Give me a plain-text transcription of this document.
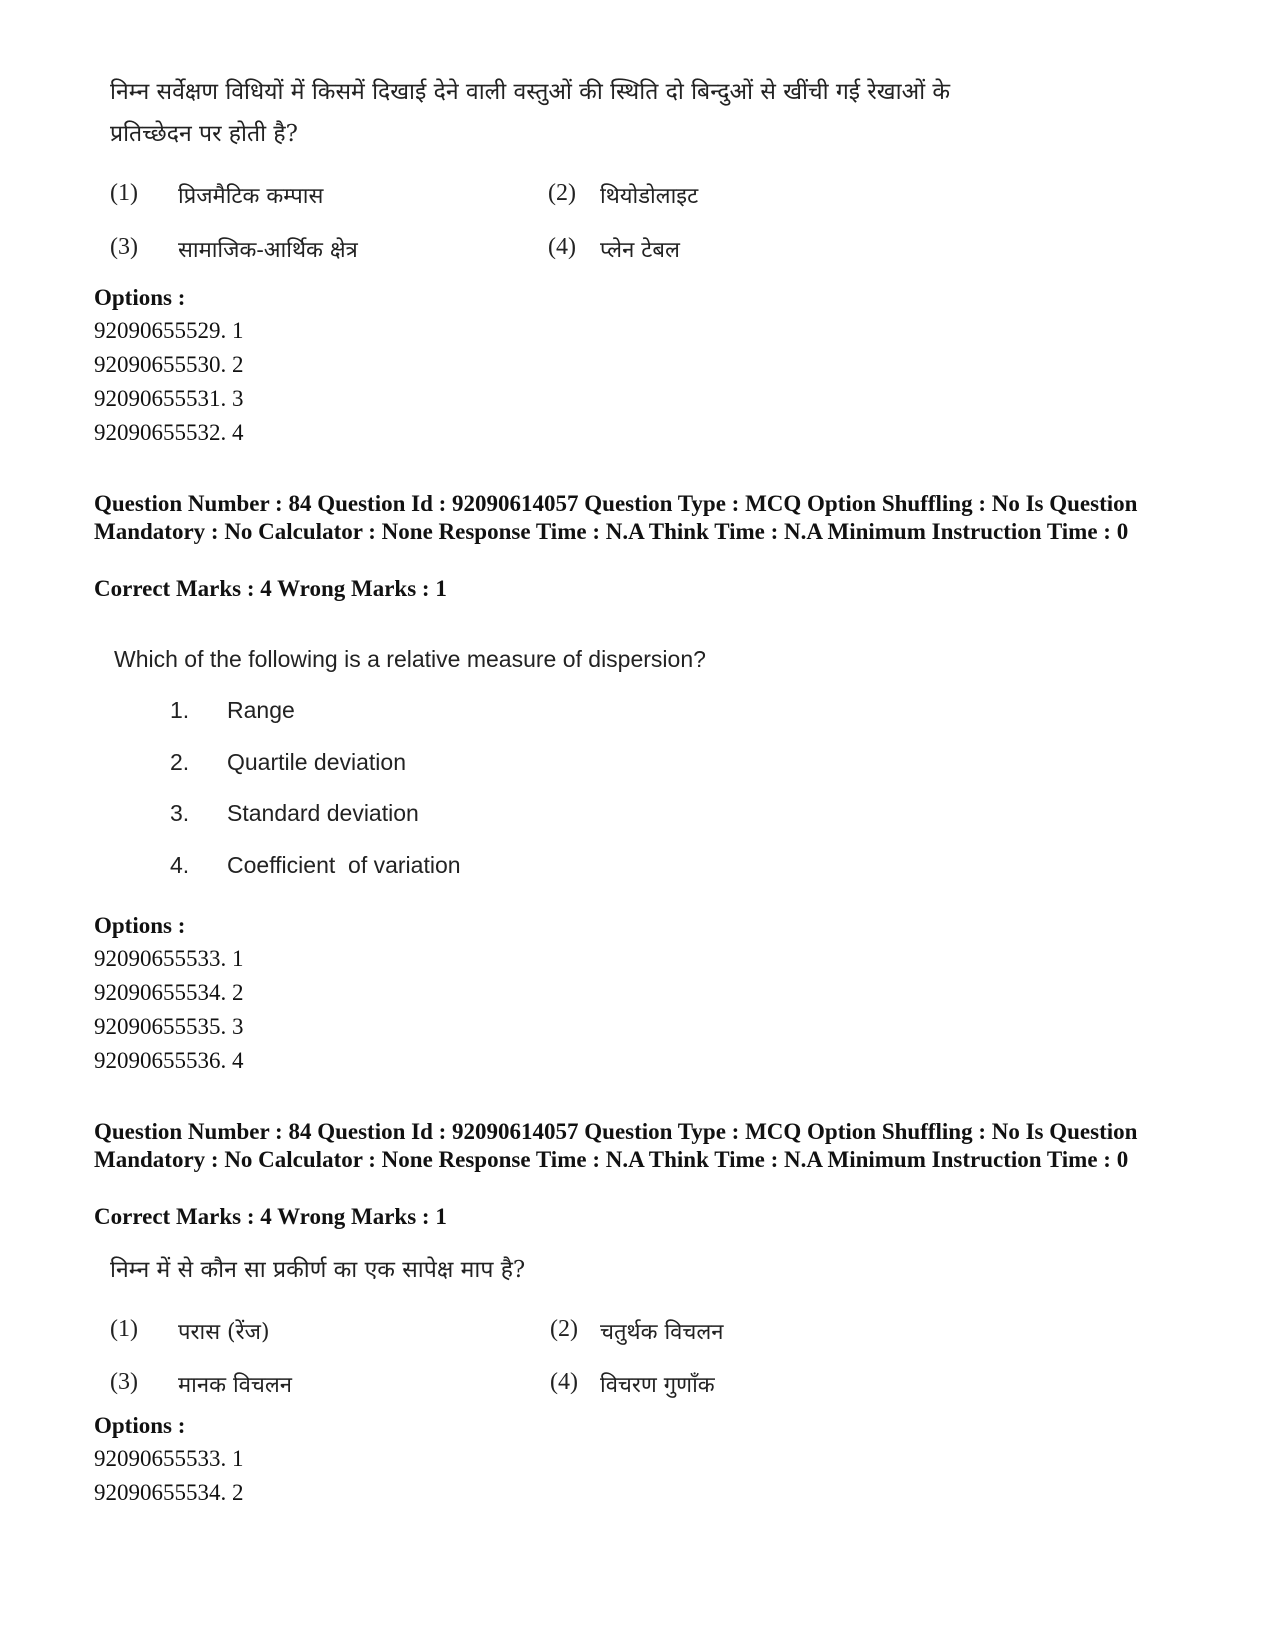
निम्न सर्वेक्षण विधियों में किसमें दिखाई देने वाली वस्तुओं की स्थिति दो बिन्दुओं से खींची गई रेखाओं के
प्रतिच्छेदन पर होती है?
(1) प्रिजमैटिक कम्पास	(2) थियोडोलाइट
(3) सामाजिक-आर्थिक क्षेत्र	(4) प्लेन टेबल
Options :
92090655529. 1
92090655530. 2
92090655531. 3
92090655532. 4
Question Number : 84 Question Id : 92090614057 Question Type : MCQ Option Shuffling : No Is Question Mandatory : No Calculator : None Response Time : N.A Think Time : N.A Minimum Instruction Time : 0
Correct Marks : 4 Wrong Marks : 1
Which of the following is a relative measure of dispersion?
1. Range
2. Quartile deviation
3. Standard deviation
4. Coefficient  of variation
Options :
92090655533. 1
92090655534. 2
92090655535. 3
92090655536. 4
Question Number : 84 Question Id : 92090614057 Question Type : MCQ Option Shuffling : No Is Question Mandatory : No Calculator : None Response Time : N.A Think Time : N.A Minimum Instruction Time : 0
Correct Marks : 4 Wrong Marks : 1
निम्न में से कौन सा प्रकीर्ण का एक सापेक्ष माप है?
(1) परास (रेंज)	(2) चतुर्थक विचलन
(3) मानक विचलन	(4) विचरण गुणाँक
Options :
92090655533. 1
92090655534. 2
